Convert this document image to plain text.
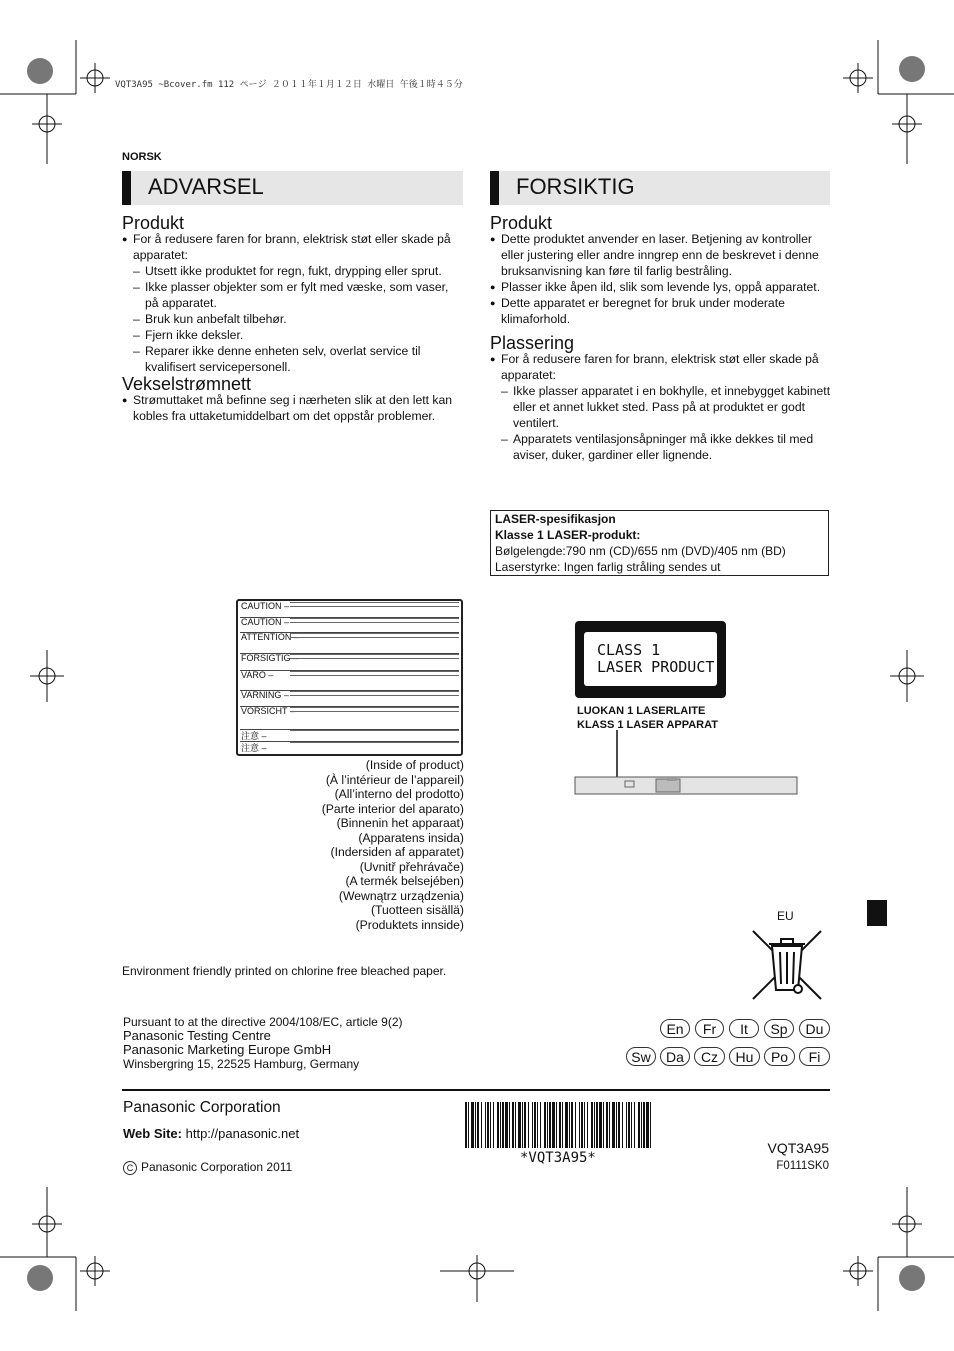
VQT3A95 ~Bcover.fm 112 ページ ２０１１年１月１２日 水曜日 午後１時４５分
NORSK
ADVARSEL
Produkt

● For å redusere faren for brann, elektrisk støt eller skade på apparatet:

– Utsett ikke produktet for regn, fukt, drypping eller sprut.

– Ikke plasser objekter som er fylt med væske, som vaser, på apparatet.

– Bruk kun anbefalt tilbehør.

– Fjern ikke deksler.

– Reparer ikke denne enheten selv, overlat service til kvalifisert servicepersonell.

Vekselstrømnett

● Strømuttaket må befinne seg i nærheten slik at den lett kan kobles fra uttaketumiddelbart om det oppstår problemer.

FORSIKTIG
Produkt

● Dette produktet anvender en laser. Betjening av kontroller eller justering eller andre inngrep enn de beskrevet i denne bruksanvisning kan føre til farlig bestråling.

● Plasser ikke åpen ild, slik som levende lys, oppå apparatet.

● Dette apparatet er beregnet for bruk under moderate klimaforhold.

Plassering

● For å redusere faren for brann, elektrisk støt eller skade på apparatet:

– Ikke plasser apparatet i en bokhylle, et innebygget kabinett eller et annet lukket sted. Pass på at produktet er godt ventilert.

– Apparatets ventilasjonsåpninger må ikke dekkes til med aviser, duker, gardiner eller lignende.

LASER-spesifikasjon
Klasse 1 LASER-produkt:
Bølgelengde:790 nm (CD)/655 nm (DVD)/405 nm (BD)
Laserstyrke: Ingen farlig stråling sendes ut
CAUTION –
CAUTION –
ATTENTION –
FORSIGTIG –
VARO –
VARNING –
VORSICHT –
注意 –
注意 –
(Inside of product)
(À l’intérieur de l’appareil)
(All’interno del prodotto)
(Parte interior del aparato)
(Binnenin het apparaat)
(Apparatens insida)
(Indersiden af apparatet)
(Uvnitř přehrávače)
(A termék belsejében)
(Wewnątrz urządzenia)
(Tuotteen sisällä)
(Produktets innside)
CLASS 1
LASER PRODUCT
LUOKAN 1 LASERLAITE
KLASS 1 LASER APPARAT
EU
Environment friendly printed on chlorine free bleached paper.
Pursuant to at the directive 2004/108/EC, article 9(2)
Panasonic Testing Centre
Panasonic Marketing Europe GmbH
Winsbergring 15, 22525 Hamburg, Germany
En	Fr	It	Sp	Du
Sw	Da	Cz	Hu	Po	Fi
Panasonic Corporation
Web Site: http://panasonic.net
C Panasonic Corporation 2011
*VQT3A95*
VQT3A95
F0111SK0
